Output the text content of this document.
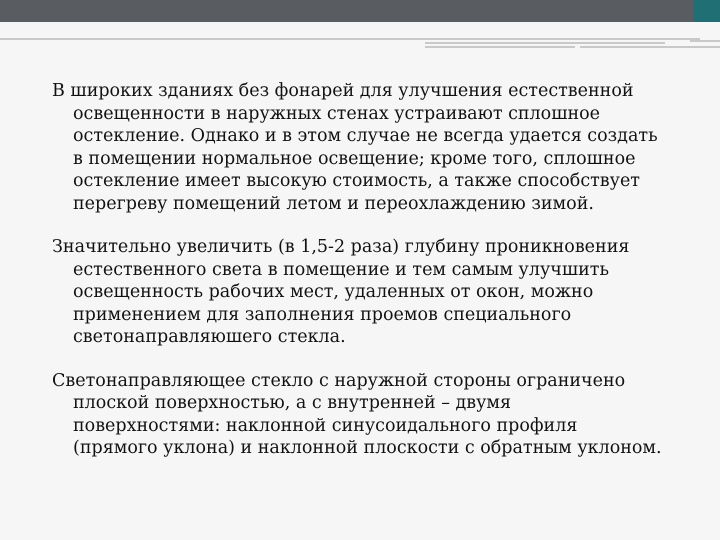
В широких зданиях без фонарей для улучшения естественной освещенности в наружных стенах устраивают сплошное остекление. Однако и в этом случае не всегда удается создать в помещении нормальное освещение; кроме того, сплошное остекление имеет высокую стоимость, а также способствует перегреву помещений летом и переохлаждению зимой.

Значительно увеличить (в 1,5-2 раза) глубину проникновения естественного света в помещение и тем самым улучшить освещенность рабочих мест, удаленных от окон, можно применением для заполнения проемов специального светонаправляюшего стекла.

Светонаправляющее стекло с наружной стороны ограничено плоской поверхностью, а с внутренней – двумя поверхностями: наклонной синусоидального профиля (прямого уклона) и наклонной плоскости с обратным уклоном.
